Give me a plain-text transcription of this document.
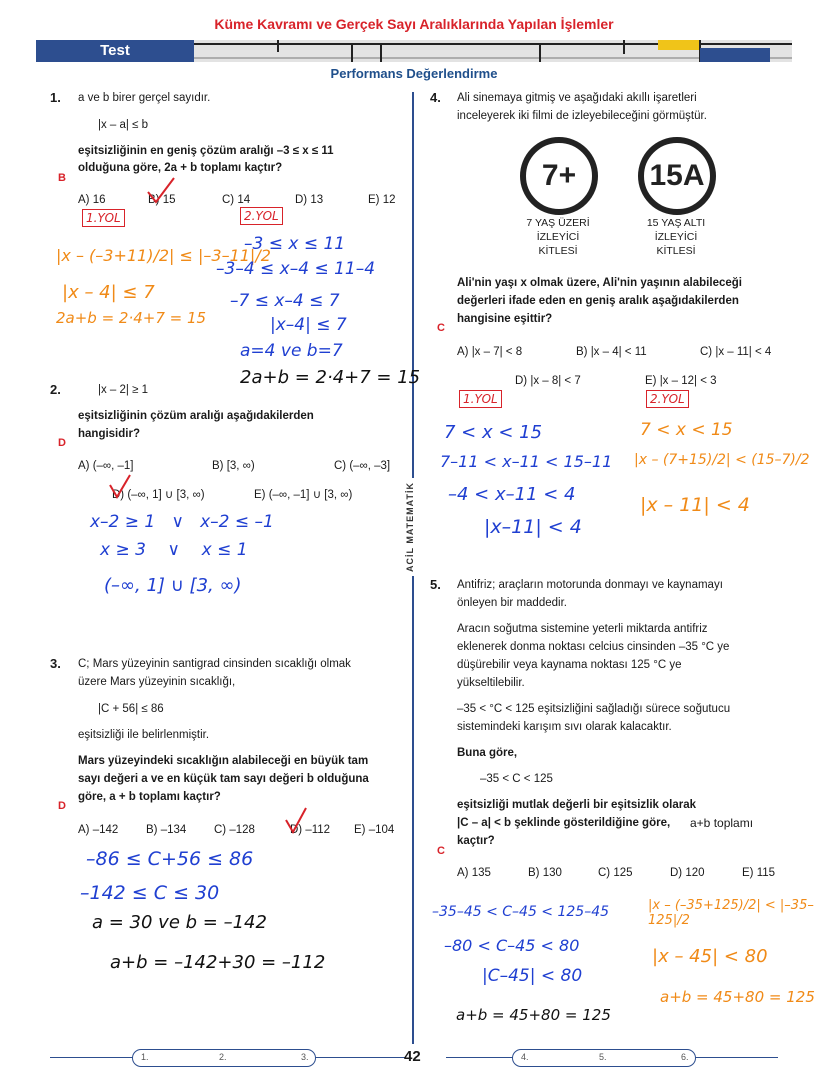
Küme Kavramı ve Gerçek Sayı Aralıklarında Yapılan İşlemler
Test
Performans Değerlendirme
ACİL MATEMATİK
1. a ve b birer gerçel sayıdır.
|x – a| ≤ b
eşitsizliğinin en geniş çözüm aralığı –3 ≤ x ≤ 11
olduğuna göre, 2a + b toplamı kaçtır?
B
A) 16	B) 15	C) 14	D) 13	E) 12
1.YOL	2.YOL
|x – (–3+11)/2| ≤ |–3–11|/2
|x – 4| ≤ 7
2a+b = 2·4+7 = 15
–3 ≤ x ≤ 11
–3–4 ≤ x–4 ≤ 11–4
–7 ≤ x–4 ≤ 7
|x–4| ≤ 7
a=4 ve b=7
2a+b = 2·4+7 = 15
2.	|x – 2| ≥ 1
eşitsizliğinin çözüm aralığı aşağıdakilerden
hangisidir?
D
A) (–∞, –1]	B) [3, ∞)	C) (–∞, –3]
D) (–∞, 1] ∪ [3, ∞)	E) (–∞, –1] ∪ [3, ∞)
x–2 ≥ 1   ∨   x–2 ≤ –1
x ≥ 3    ∨    x ≤ 1
(–∞, 1] ∪ [3, ∞)
3. C; Mars yüzeyinin santigrad cinsinden sıcaklığı olmak
üzere Mars yüzeyinin sıcaklığı,
|C + 56| ≤ 86
eşitsizliği ile belirlenmiştir.
Mars yüzeyindeki sıcaklığın alabileceği en büyük tam
sayı değeri a ve en küçük tam sayı değeri b olduğuna
göre, a + b toplamı kaçtır?
D
A) –142 B) –134 C) –128	D) –112 E) –104
–86 ≤ C+56 ≤ 86
–142 ≤ C ≤ 30
a = 30 ve b = –142
a+b = –142+30 = –112
4. Ali sinemaya gitmiş ve aşağıdaki akıllı işaretleri
inceleyerek iki filmi de izleyebileceğini görmüştür.
7+	15A
7 YAŞ ÜZERİ
İZLEYİCİ
KİTLESİ
15 YAŞ ALTI
İZLEYİCİ
KİTLESİ
Ali'nin yaşı x olmak üzere, Ali'nin yaşının alabileceği
değerleri ifade eden en geniş aralık aşağıdakilerden
hangisine eşittir?
C
A) |x – 7| < 8	B) |x – 4| < 11	C) |x – 11| < 4
D) |x – 8| < 7	E) |x – 12| < 3
1.YOL	2.YOL
7 < x < 15
7–11 < x–11 < 15–11
–4 < x–11 < 4
|x–11| < 4
7 < x < 15
|x – (7+15)/2| < (15–7)/2
|x – 11| < 4
5. Antifriz; araçların motorunda donmayı ve kaynamayı
önleyen bir maddedir.
Aracın soğutma sistemine yeterli miktarda antifriz
eklenerek donma noktası celcius cinsinden –35 °C ye
düşürebilir veya kaynama noktası 125 °C ye
yükseltilebilir.
–35 < °C < 125 eşitsizliğini sağladığı sürece soğutucu
sistemindeki karışım sıvı olarak kalacaktır.
Buna göre,
–35 < C < 125
eşitsizliği mutlak değerli bir eşitsizlik olarak
|C – a| < b şeklinde gösterildiğine göre, a+b toplamı
kaçtır?
C
A) 135	B) 130	C) 125	D) 120	E) 115
–35–45 < C–45 < 125–45
–80 < C–45 < 80
|C–45| < 80
a+b = 45+80 = 125
|x – (–35+125)/2| < |–35–125|/2
|x – 45| < 80
a+b = 45+80 = 125
1.	2.	3.	42	4.	5.	6.
